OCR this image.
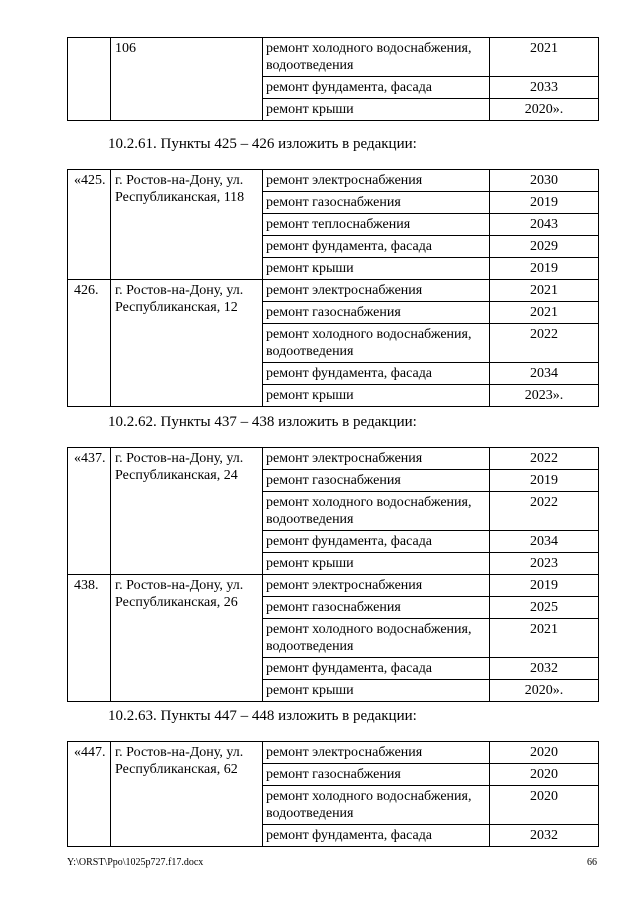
	106	ремонт холодного водоснабжения, водоотведения	2021
		ремонт фундамента, фасада	2033
		ремонт крыши	2020».
10.2.61. Пункты 425 – 426 изложить в редакции:
«425.	г. Ростов-на-Дону, ул. Республиканская, 118	ремонт электроснабжения	2030
		ремонт газоснабжения	2019
		ремонт теплоснабжения	2043
		ремонт фундамента, фасада	2029
		ремонт крыши	2019
426.	г. Ростов-на-Дону, ул. Республиканская, 12	ремонт электроснабжения	2021
		ремонт газоснабжения	2021
		ремонт холодного водоснабжения, водоотведения	2022
		ремонт фундамента, фасада	2034
		ремонт крыши	2023».
10.2.62. Пункты 437 – 438 изложить в редакции:
«437.	г. Ростов-на-Дону, ул. Республиканская, 24	ремонт электроснабжения	2022
		ремонт газоснабжения	2019
		ремонт холодного водоснабжения, водоотведения	2022
		ремонт фундамента, фасада	2034
		ремонт крыши	2023
438.	г. Ростов-на-Дону, ул. Республиканская, 26	ремонт электроснабжения	2019
		ремонт газоснабжения	2025
		ремонт холодного водоснабжения, водоотведения	2021
		ремонт фундамента, фасада	2032
		ремонт крыши	2020».
10.2.63. Пункты 447 – 448 изложить в редакции:
«447.	г. Ростов-на-Дону, ул. Республиканская, 62	ремонт электроснабжения	2020
		ремонт газоснабжения	2020
		ремонт холодного водоснабжения, водоотведения	2020
		ремонт фундамента, фасада	2032
Y:\ORST\Ppo\1025p727.f17.docx	66
